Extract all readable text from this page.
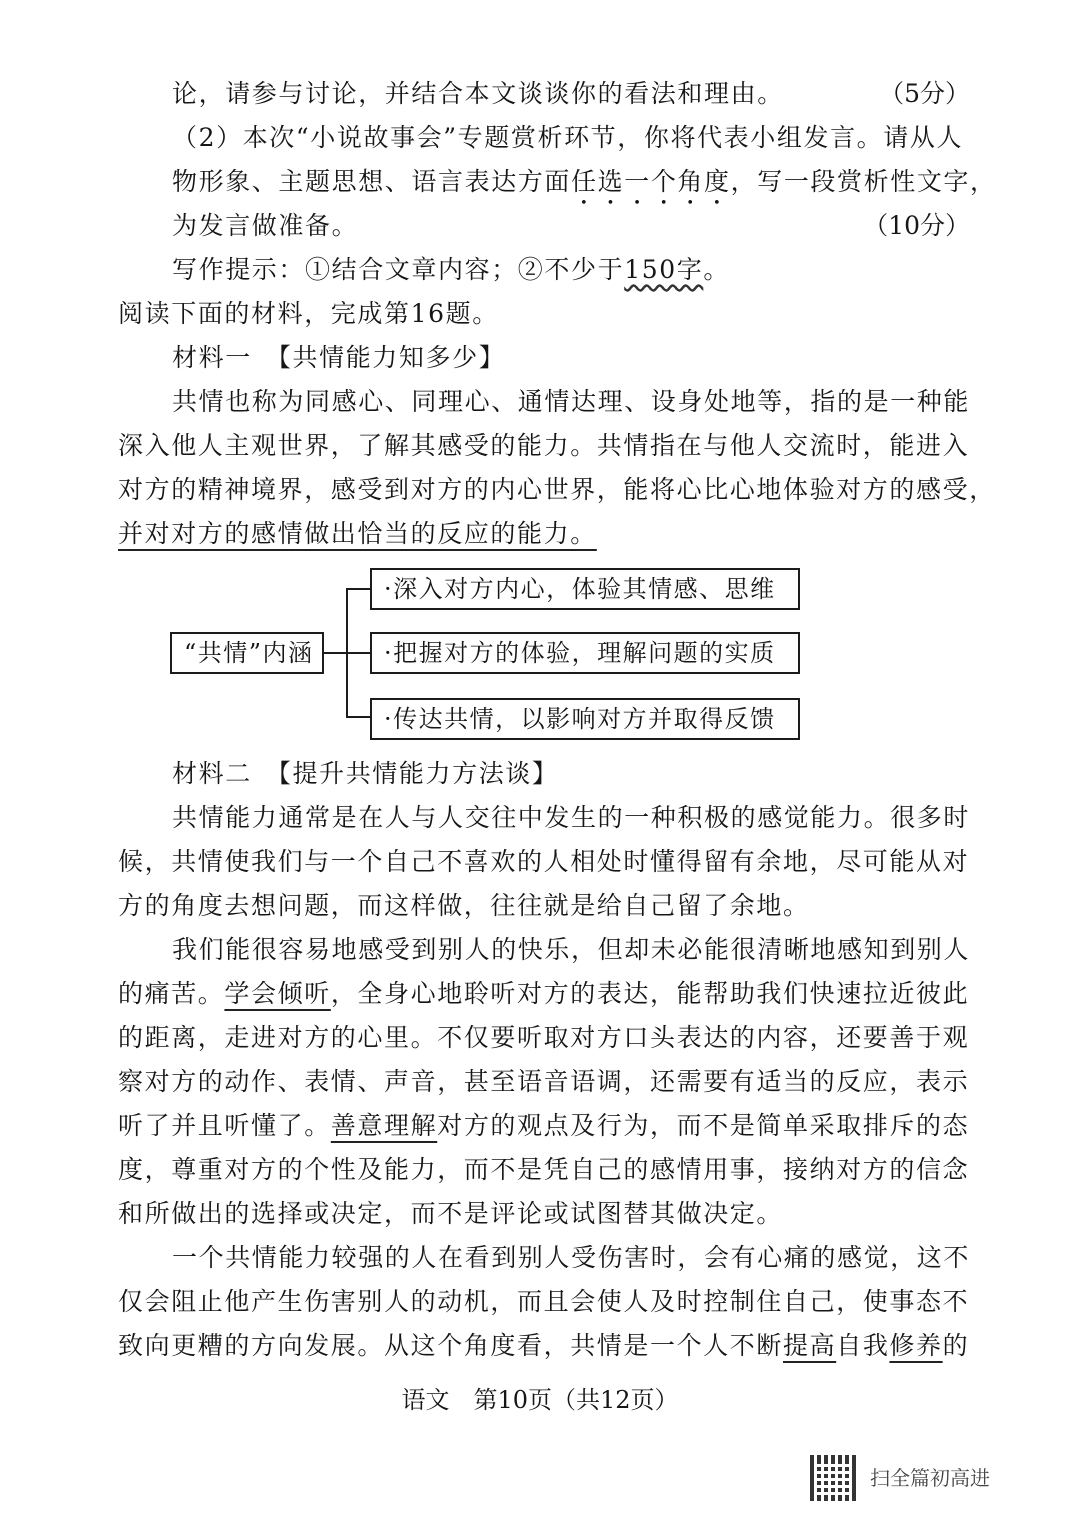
论，请参与讨论，并结合本文谈谈你的看法和理由。	（5分）
（2）本次“小说故事会”专题赏析环节，你将代表小组发言。请从人
物形象、主题思想、语言表达方面任选一个角度，写一段赏析性文字，
为发言做准备。	（10分）
写作提示：①结合文章内容；②不少于150字。
阅读下面的材料，完成第16题。
材料一　【共情能力知多少】
共情也称为同感心、同理心、通情达理、设身处地等，指的是一种能
深入他人主观世界，了解其感受的能力。共情指在与他人交流时，能进入
对方的精神境界，感受到对方的内心世界，能将心比心地体验对方的感受，
并对对方的感情做出恰当的反应的能力。
“共情”内涵
·深入对方内心，体验其情感、思维
·把握对方的体验，理解问题的实质
·传达共情，以影响对方并取得反馈
材料二　【提升共情能力方法谈】
共情能力通常是在人与人交往中发生的一种积极的感觉能力。很多时
候，共情使我们与一个自己不喜欢的人相处时懂得留有余地，尽可能从对
方的角度去想问题，而这样做，往往就是给自己留了余地。
我们能很容易地感受到别人的快乐，但却未必能很清晰地感知到别人
的痛苦。学会倾听，全身心地聆听对方的表达，能帮助我们快速拉近彼此
的距离，走进对方的心里。不仅要听取对方口头表达的内容，还要善于观
察对方的动作、表情、声音，甚至语音语调，还需要有适当的反应，表示
听了并且听懂了。善意理解对方的观点及行为，而不是简单采取排斥的态
度，尊重对方的个性及能力，而不是凭自己的感情用事，接纳对方的信念
和所做出的选择或决定，而不是评论或试图替其做决定。
一个共情能力较强的人在看到别人受伤害时，会有心痛的感觉，这不
仅会阻止他产生伤害别人的动机，而且会使人及时控制住自己，使事态不
致向更糟的方向发展。从这个角度看，共情是一个人不断提高自我修养的
语文　第10页（共12页）
扫全篇初高进
